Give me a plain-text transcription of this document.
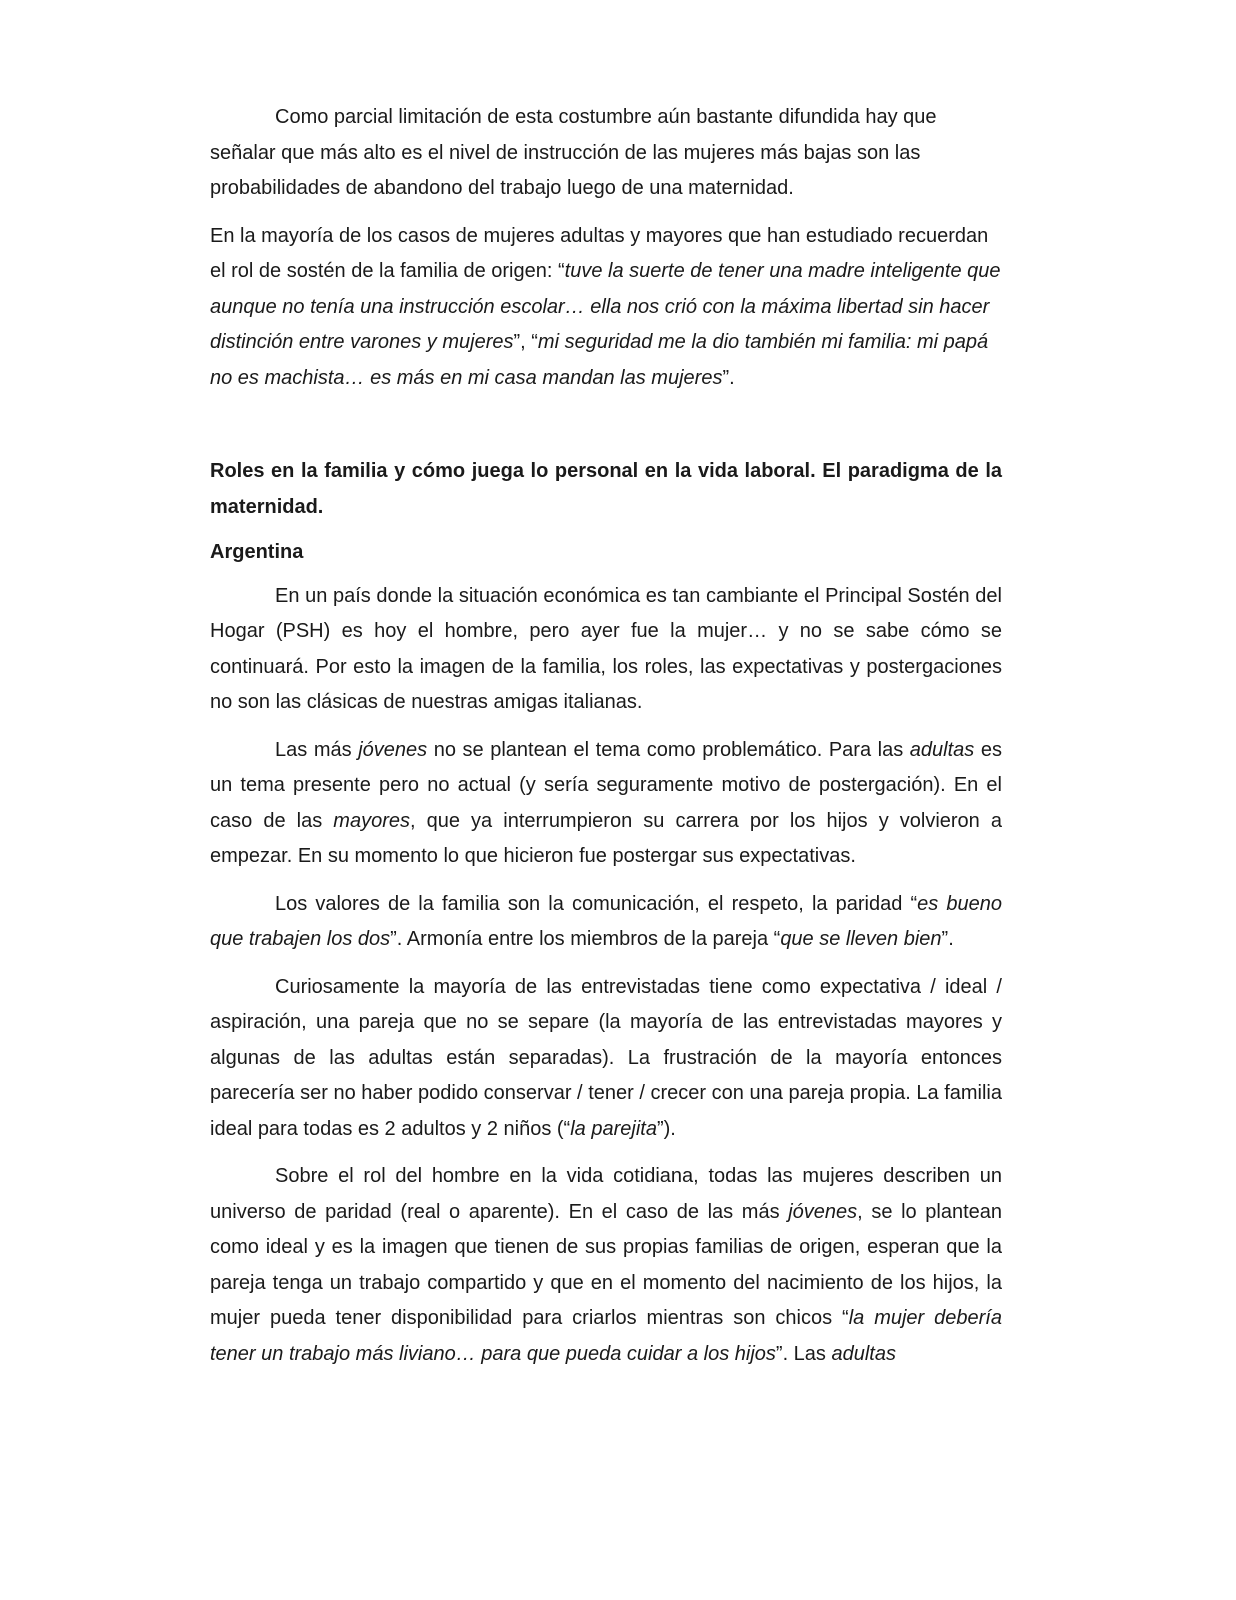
Como parcial limitación de esta costumbre aún bastante difundida hay que señalar que más alto es el nivel de instrucción de las mujeres más bajas son las probabilidades de abandono del trabajo luego de una maternidad.

En la mayoría de los casos de mujeres adultas y mayores que han estudiado recuerdan el rol de sostén de la familia de origen: “tuve la suerte de tener una madre inteligente que aunque no tenía una instrucción escolar… ella nos crió con la máxima libertad sin hacer distinción entre varones y mujeres”, “mi seguridad me la dio también mi familia: mi papá no es machista… es más en mi casa mandan las mujeres”.

Roles en la familia y cómo juega lo personal en la vida laboral. El paradigma de la maternidad.

Argentina

En un país donde la situación económica es tan cambiante el Principal Sostén del Hogar (PSH) es hoy el hombre, pero ayer fue la mujer… y no se sabe cómo se continuará. Por esto la imagen de la familia, los roles, las expectativas y postergaciones no son las clásicas de nuestras amigas italianas.

Las más jóvenes no se plantean el tema como problemático. Para las adultas es un tema presente pero no actual (y sería seguramente motivo de postergación). En el caso de las mayores, que ya interrumpieron su carrera por los hijos y volvieron a empezar. En su momento lo que hicieron fue postergar sus expectativas.

Los valores de la familia son la comunicación, el respeto, la paridad “es bueno que trabajen los dos”. Armonía entre los miembros de la pareja “que se lleven bien”.

Curiosamente la mayoría de las entrevistadas tiene como expectativa / ideal / aspiración, una pareja que no se separe (la mayoría de las entrevistadas mayores y algunas de las adultas están separadas). La frustración de la mayoría entonces parecería ser no haber podido conservar / tener / crecer con una pareja propia. La familia ideal para todas es 2 adultos y 2 niños (“la parejita”).

Sobre el rol del hombre en la vida cotidiana, todas las mujeres describen un universo de paridad (real o aparente). En el caso de las más jóvenes, se lo plantean como ideal y es la imagen que tienen de sus propias familias de origen, esperan que la pareja tenga un trabajo compartido y que en el momento del nacimiento de los hijos, la mujer pueda tener disponibilidad para criarlos mientras son chicos “la mujer debería tener un trabajo más liviano… para que pueda cuidar a los hijos”. Las adultas
